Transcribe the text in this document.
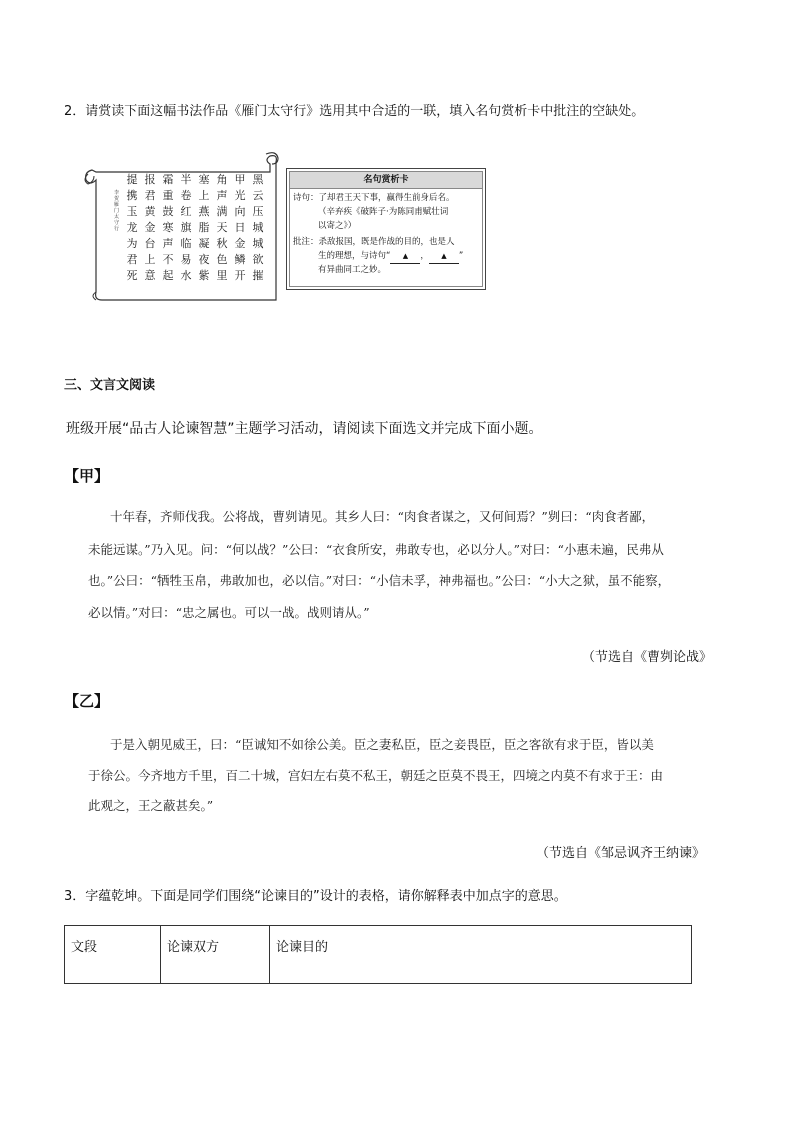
2．请赏读下面这幅书法作品《雁门太守行》选用其中合适的一联，填入名句赏析卡中批注的空缺处。
黑云压城城欲摧
甲光向日金鳞开
角声满天秋色里
塞上燕脂凝夜紫
半卷红旗临易水
霜重鼓寒声不起
报君黄金台上意
提携玉龙为君死
李贺雁门太守行
名句赏析卡
诗句：了却君王天下事，赢得生前身后名。
（辛弃疾《破阵子·为陈同甫赋壮词
以寄之》）
批注：杀敌报国，既是作战的目的，也是人
生的理想，与诗句“ ▲ ， ▲ ”
有异曲同工之妙。
三、文言文阅读
班级开展“品古人论谏智慧”主题学习活动，请阅读下面选文并完成下面小题。
【甲】
十年春，齐师伐我。公将战，曹刿请见。其乡人曰：“肉食者谋之，又何间焉？”刿曰：“肉食者鄙，
未能远谋。”乃入见。问：“何以战？”公曰：“衣食所安，弗敢专也，必以分人。”对曰：“小惠未遍，民弗从
也。”公曰：“牺牲玉帛，弗敢加也，必以信。”对曰：“小信未孚，神弗福也。”公曰：“小大之狱，虽不能察，
必以情。”对曰：“忠之属也。可以一战。战则请从。”
（节选自《曹刿论战》
【乙】
于是入朝见威王，曰：“臣诚知不如徐公美。臣之妻私臣，臣之妾畏臣，臣之客欲有求于臣，皆以美
于徐公。今齐地方千里，百二十城，宫妇左右莫不私王，朝廷之臣莫不畏王，四境之内莫不有求于王：由
此观之，王之蔽甚矣。”
（节选自《邹忌讽齐王纳谏》
3．字蕴乾坤。下面是同学们围绕“论谏目的”设计的表格，请你解释表中加点字的意思。
文段	论谏双方	论谏目的
